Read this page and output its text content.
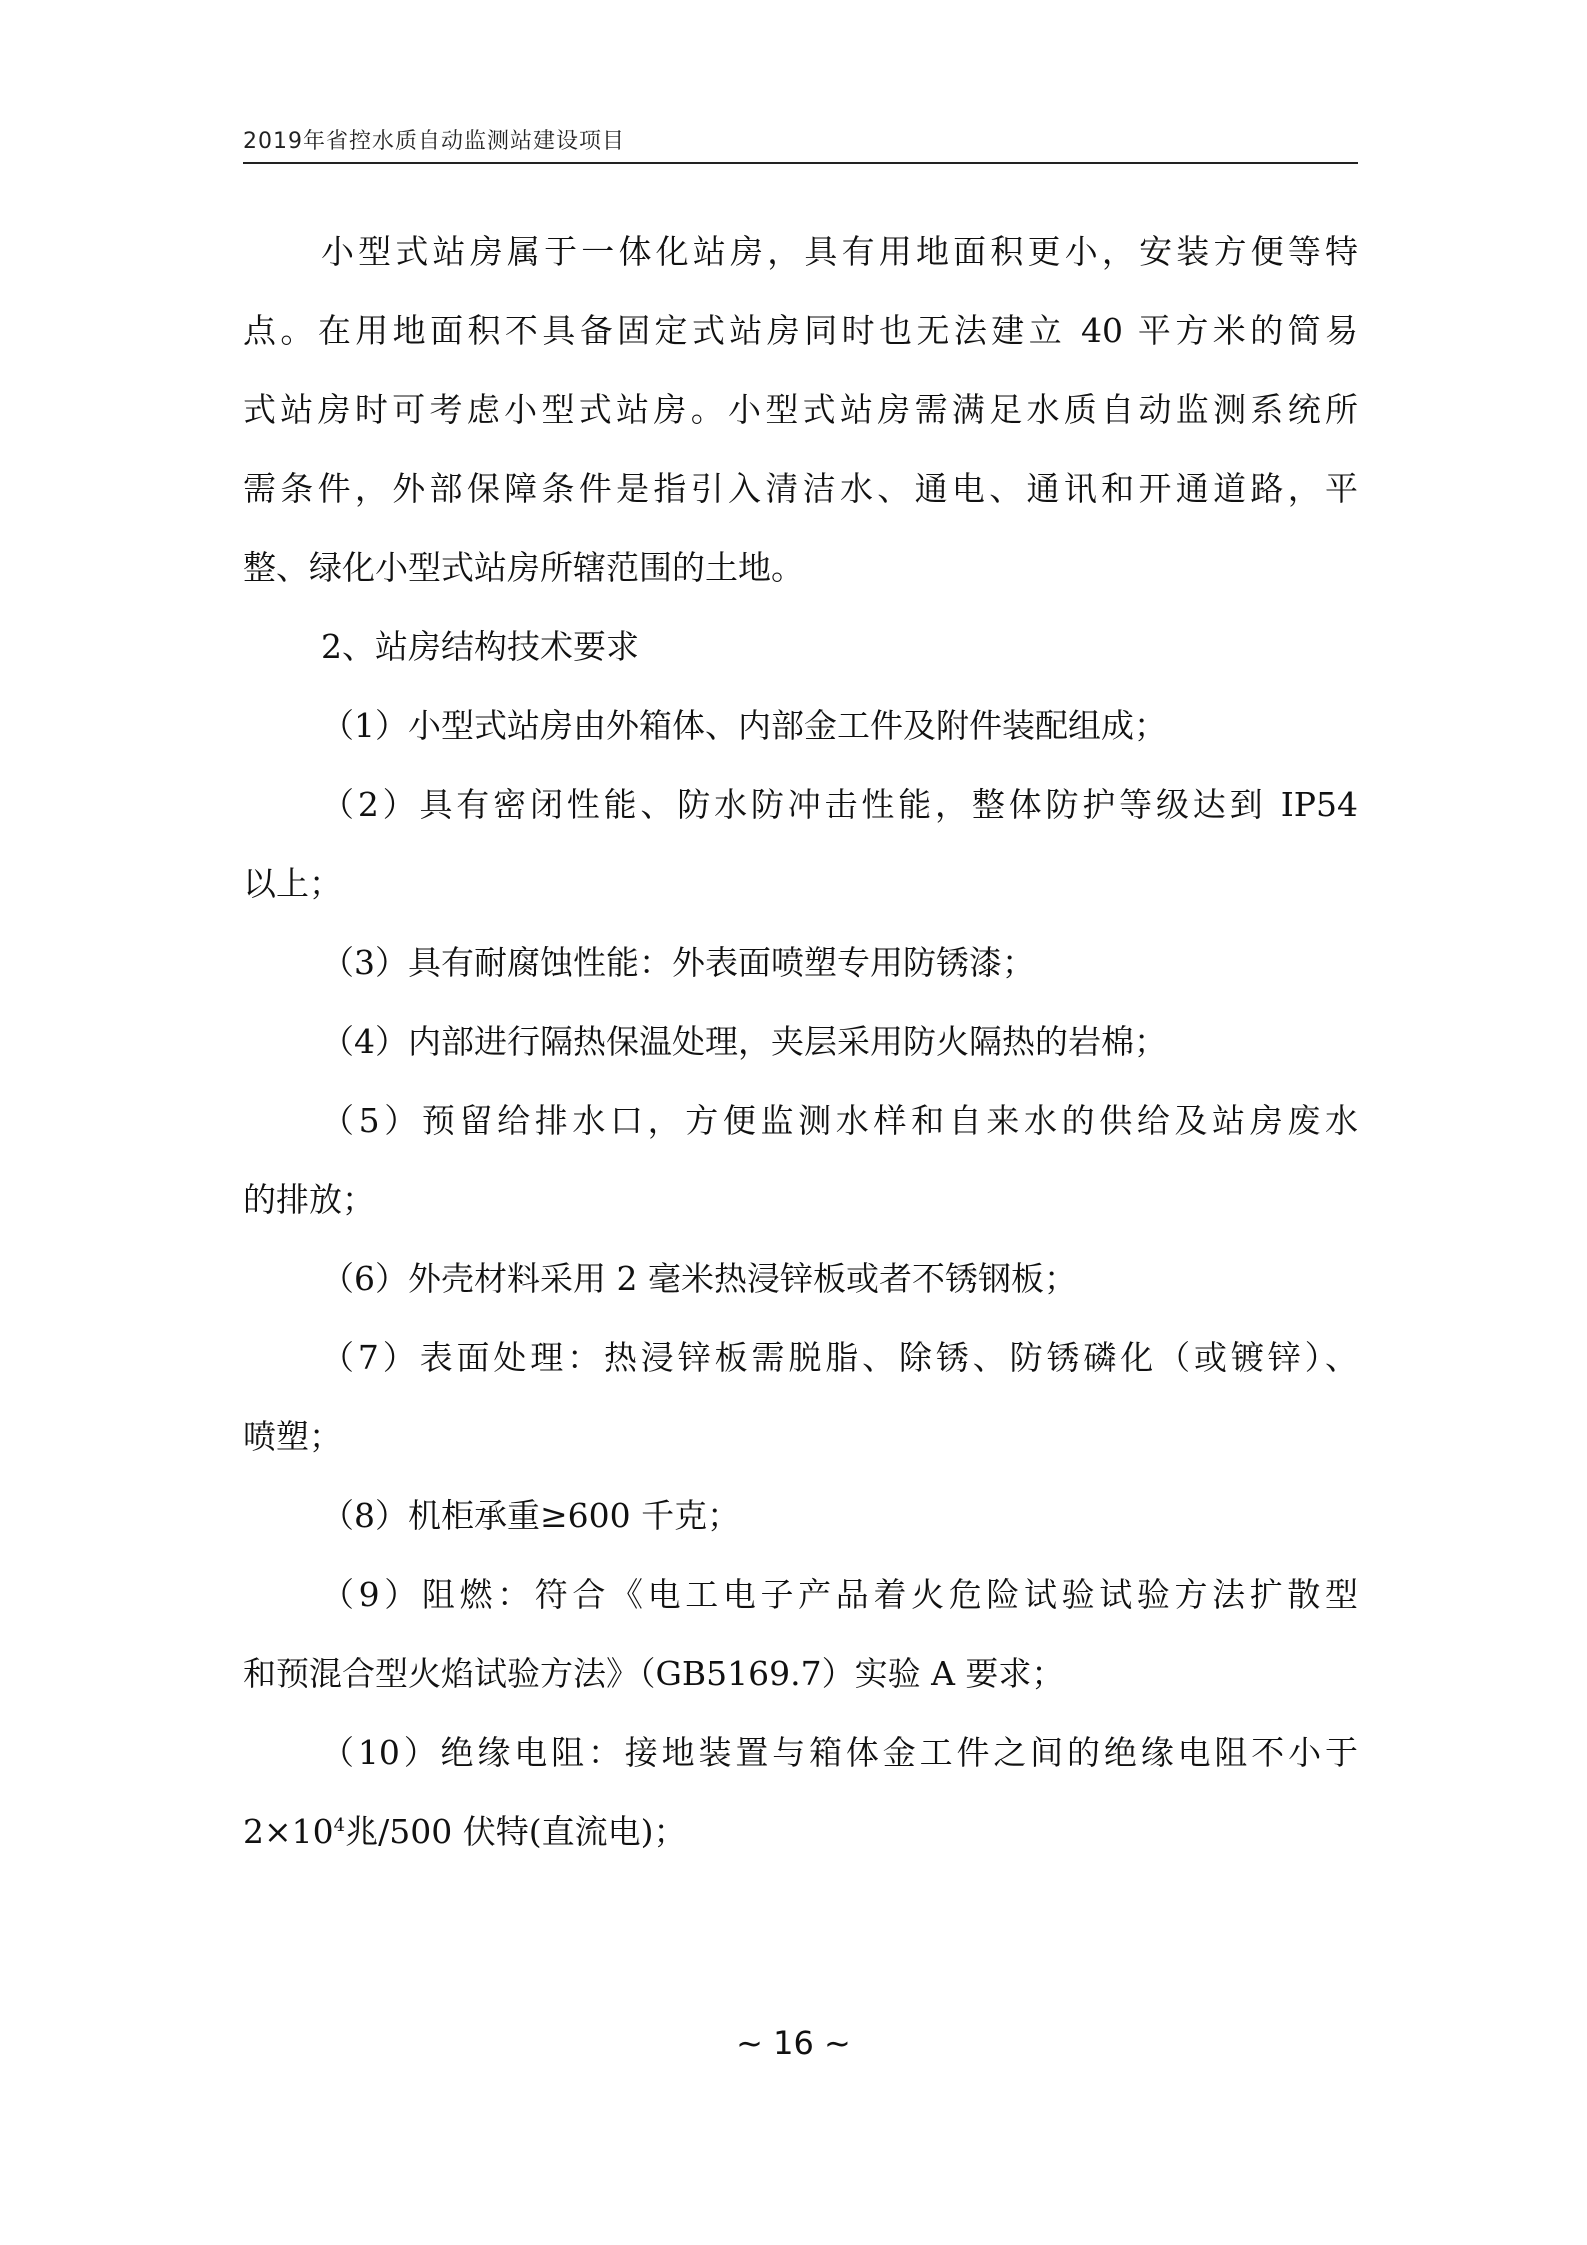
2019年省控水质自动监测站建设项目
小型式站房属于一体化站房，具有用地面积更小，安装方便等特
点。在用地面积不具备固定式站房同时也无法建立 40 平方米的简易
式站房时可考虑小型式站房。小型式站房需满足水质自动监测系统所
需条件，外部保障条件是指引入清洁水、通电、通讯和开通道路，平
整、绿化小型式站房所辖范围的土地。
2、站房结构技术要求
（1）小型式站房由外箱体、内部金工件及附件装配组成；
（2）具有密闭性能、防水防冲击性能，整体防护等级达到 IP54
以上；
（3）具有耐腐蚀性能：外表面喷塑专用防锈漆；
（4）内部进行隔热保温处理，夹层采用防火隔热的岩棉；
（5）预留给排水口，方便监测水样和自来水的供给及站房废水
的排放；
（6）外壳材料采用 2 毫米热浸锌板或者不锈钢板；
（7）表面处理：热浸锌板需脱脂、除锈、防锈磷化（或镀锌）、
喷塑；
（8）机柜承重≥600 千克；
（9）阻燃：符合《电工电子产品着火危险试验试验方法扩散型
和预混合型火焰试验方法》（GB5169.7）实验 A 要求；
（10）绝缘电阻：接地装置与箱体金工件之间的绝缘电阻不小于
$2\times 10^4$兆/500 伏特(直流电)；
~ 16 ~
